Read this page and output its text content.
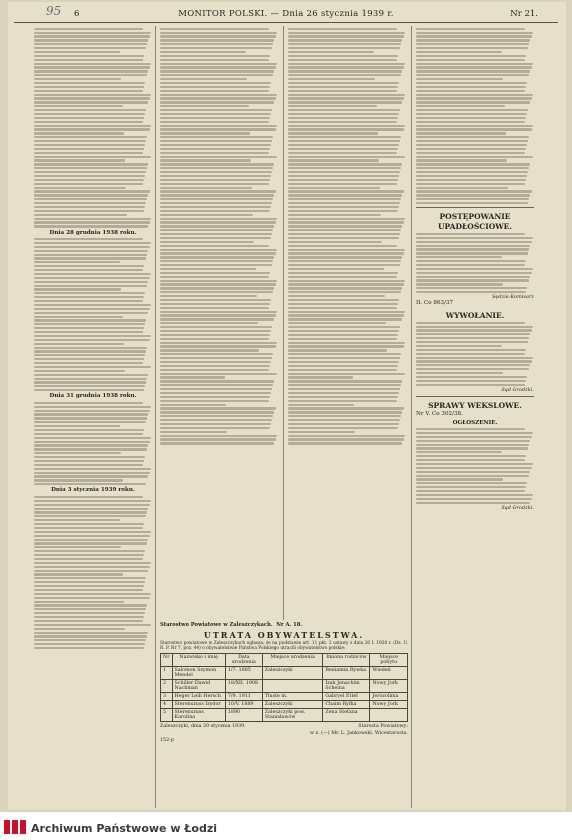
95 6	MONITOR POLSKI. — Dnia 26 stycznia 1939 r.	Nr 21.
Dnia 28 grudnia 1938 roku.
Dnia 31 grudnia 1938 roku.
Dnia 3 stycznia 1939 roku.
POSTĘPOWANIE
UPADŁOŚCIOWE.
Sędzia-Komisarz
II. Co 863/37
WYWOŁANIE.
Sąd Grodzki.
SPRAWY WEKSLOWE.
Nr V. Co 302/38.
OGŁOSZENIE.
Sąd Grodzki.
Starostwo Powiatowe w Zaleszczykach. Nr A. 18.
UTRATA OBYWATELSTWA.
Starostwo powiatowe w Zaleszczykach ogłasza, że na podstawie art. 11 pkt. 2 ustawy z dnia 20 I. 1920 r. (Dz. U. R. P. Nr 7, poz. 44) o obywatelstwie Państwa Polskiego utracili obywatelstwo polskie:
Nr	Nazwisko i imię	Data urodzenia	Miejsce urodzenia	Imiona rodziców	Miejsce pobytu
1	Salomon Szymon Mendel	1/7. 1885	Zaleszczyki	Beniamin Rywka	Wiedeń
2	Schiller Dawid Nachman	18/XII. 1908		Izak Jenachim Scheina	Nowy Jork
3	Heger Leib Hersch	7/9. 1911	Tłuste m.	Gabryel Ettel	Jerozolima
4	Sterenszuss Izydor	10/V. 1889	Zaleszczyki	Chaim Ryfka	Nowy Jork
5	Sterenszuss Karolina	1890	Zaleszczyki pow. Stanisławów	Zena Stefana	
Zaleszczyki, dnia 20 stycznia 1939.	Starosta Powiatowy:
w z. (—) Mr. L. Jankowski, Wicestarosta.
152-p
Archiwum Państwowe w Łodzi
